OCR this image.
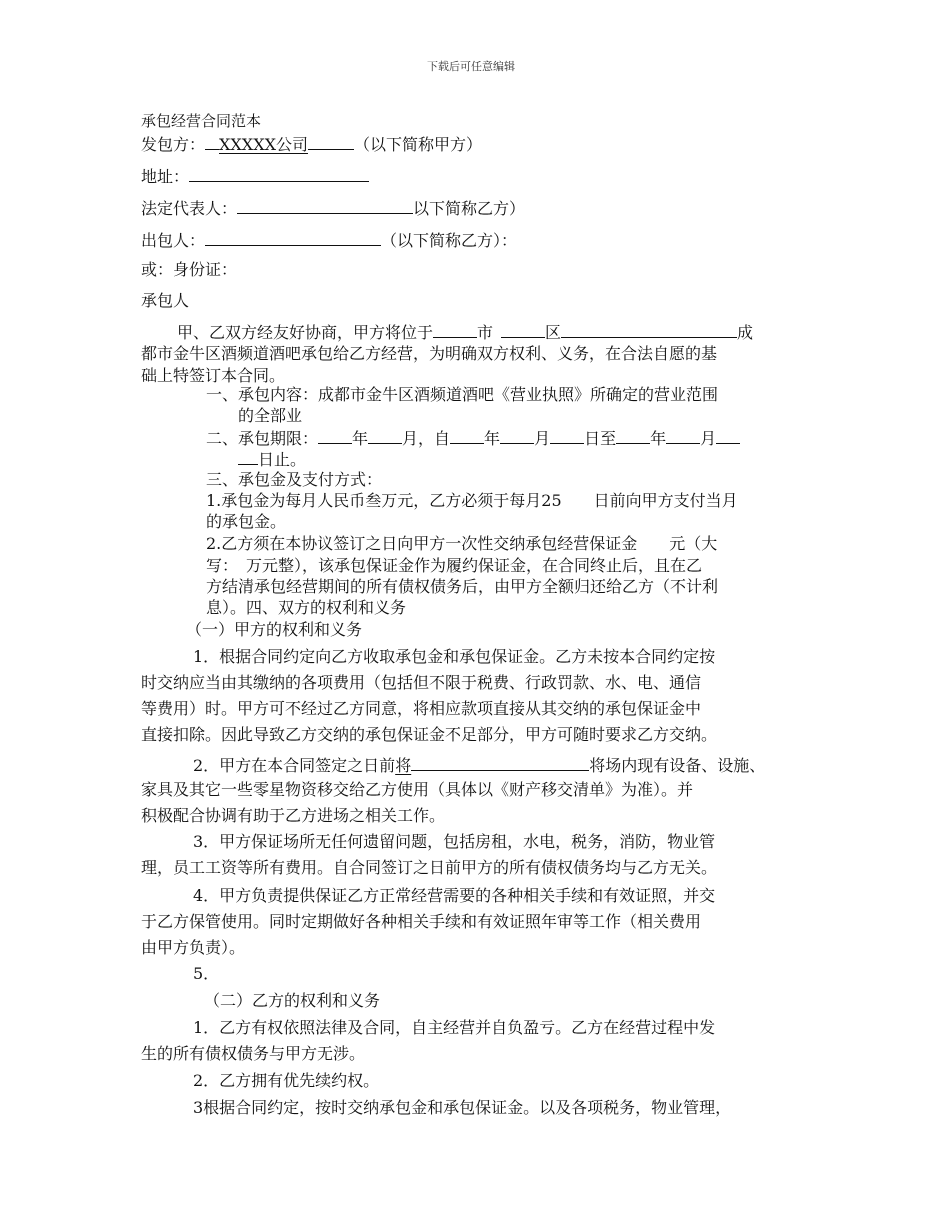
下载后可任意编辑
承包经营合同范本
发包方： XXXXX公司	（以下简称甲方）
地址：
法定代表人：	以下简称乙方）
出包人：	（以下简称乙方）：
或：身份证：
承包人
甲、乙双方经友好协商，甲方将位于	市	区	成
都市金牛区酒频道酒吧承包给乙方经营，为明确双方权利、义务，在合法自愿的基
础上特签订本合同。
一、承包内容：成都市金牛区酒频道酒吧《营业执照》所确定的营业范围
的全部业
二、承包期限： 年 月，自 年 月 日至 年 月
日止。
三、承包金及支付方式：
1.承包金为每月人民币叁万元，乙方必须于每月25　　日前向甲方支付当月
的承包金。
2.乙方须在本协议签订之日向甲方一次性交纳承包经营保证金　　元（大
写：　万元整），该承包保证金作为履约保证金，在合同终止后，且在乙
方结清承包经营期间的所有债权债务后，由甲方全额归还给乙方（不计利
息）。四、双方的权利和义务
（一）甲方的权利和义务
1．根据合同约定向乙方收取承包金和承包保证金。乙方未按本合同约定按
时交纳应当由其缴纳的各项费用（包括但不限于税费、行政罚款、水、电、通信
等费用）时。甲方可不经过乙方同意，将相应款项直接从其交纳的承包保证金中
直接扣除。因此导致乙方交纳的承包保证金不足部分，甲方可随时要求乙方交纳。
2．甲方在本合同签定之日前将	将场内现有设备、设施、
家具及其它一些零星物资移交给乙方使用（具体以《财产移交清单》为准）。并
积极配合协调有助于乙方进场之相关工作。
3．甲方保证场所无任何遗留问题，包括房租，水电，税务，消防，物业管
理，员工工资等所有费用。自合同签订之日前甲方的所有债权债务均与乙方无关。
4．甲方负责提供保证乙方正常经营需要的各种相关手续和有效证照，并交
于乙方保管使用。同时定期做好各种相关手续和有效证照年审等工作（相关费用
由甲方负责）。
5．
（二）乙方的权利和义务
1．乙方有权依照法律及合同，自主经营并自负盈亏。乙方在经营过程中发
生的所有债权债务与甲方无涉。
2．乙方拥有优先续约权。
3根据合同约定，按时交纳承包金和承包保证金。以及各项税务，物业管理，
